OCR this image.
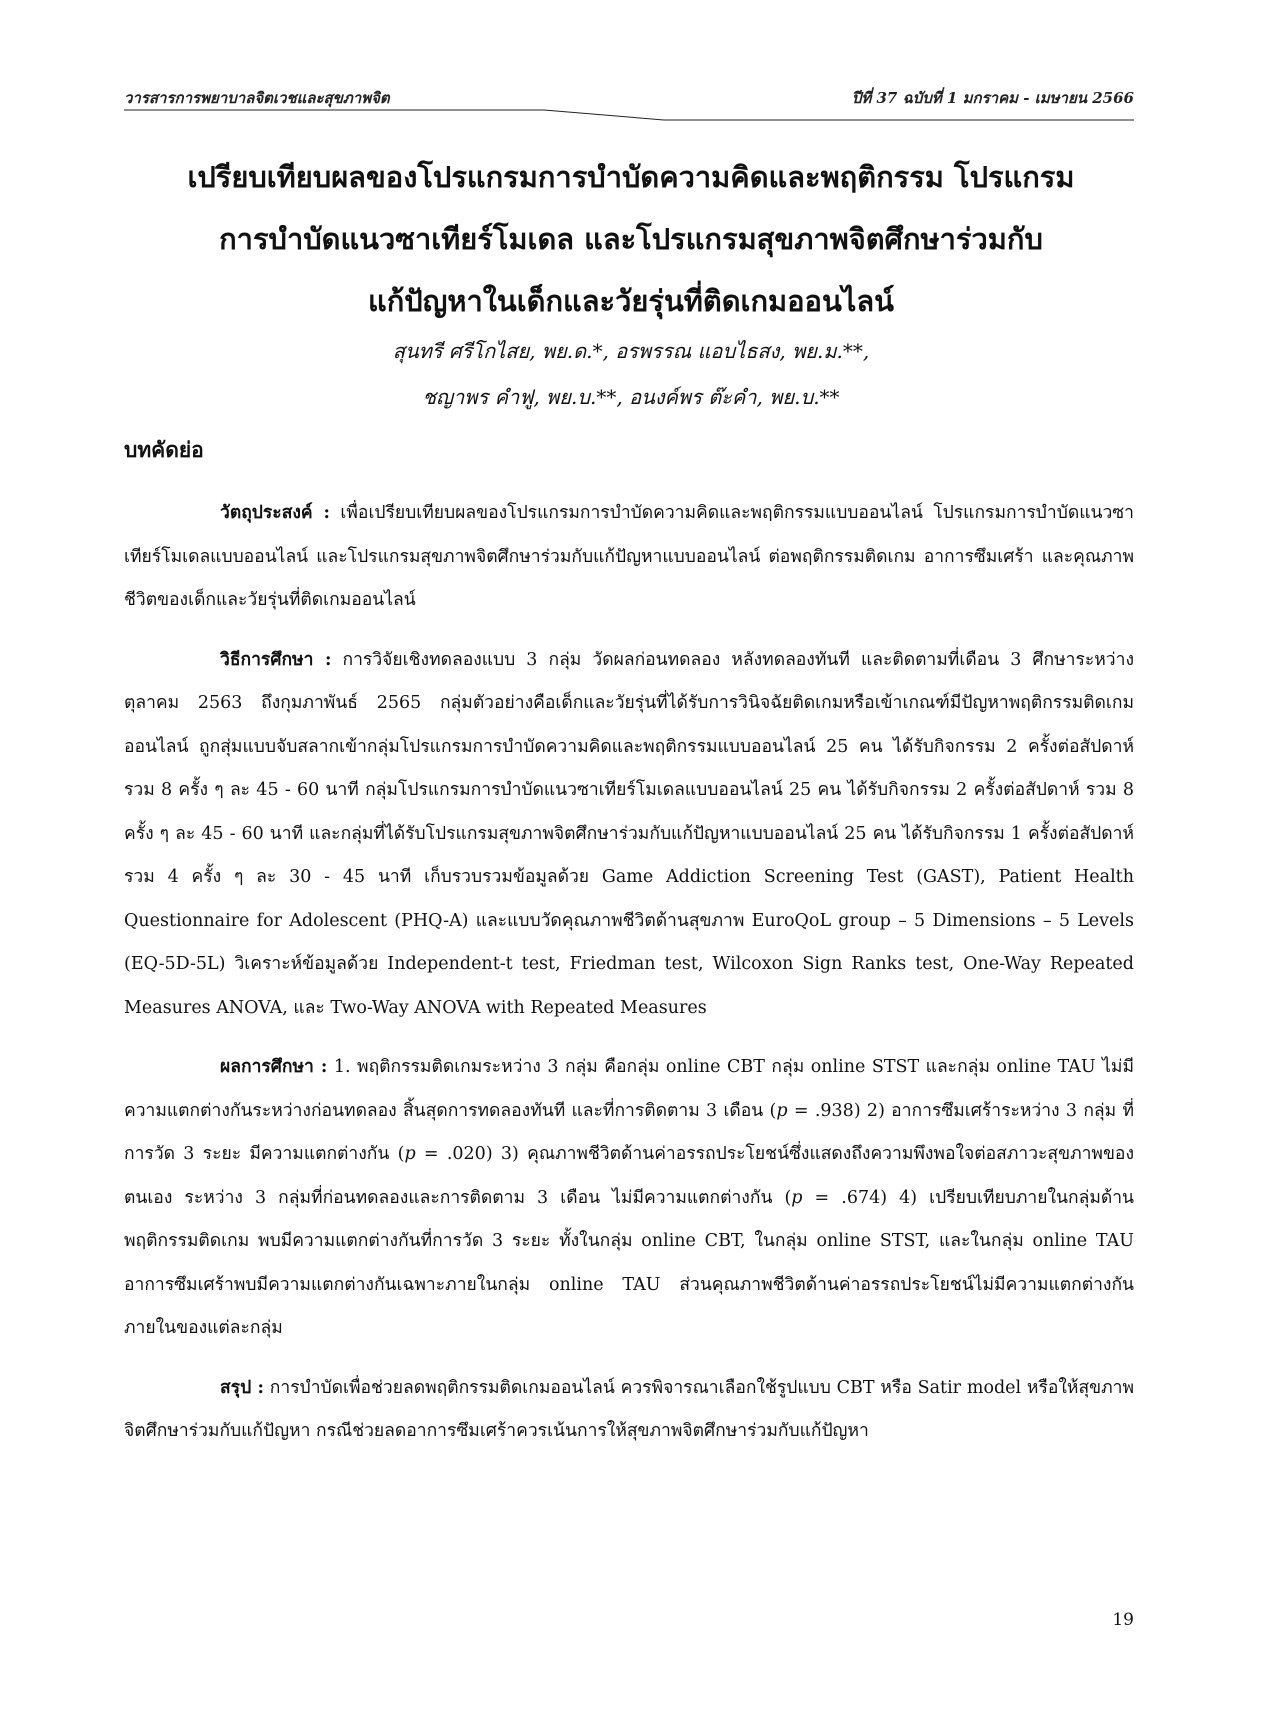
วารสารการพยาบาลจิตเวชและสุขภาพจิต	ปีที่ 37 ฉบับที่ 1 มกราคม - เมษายน 2566
เปรียบเทียบผลของโปรแกรมการบำบัดความคิดและพฤติกรรม โปรแกรม
การบำบัดแนวซาเทียร์โมเดล และโปรแกรมสุขภาพจิตศึกษาร่วมกับ
แก้ปัญหาในเด็กและวัยรุ่นที่ติดเกมออนไลน์
สุนทรี ศรีโกไสย, พย.ด.*, อรพรรณ แอบไธสง, พย.ม.**,
ชญาพร คำฟู, พย.บ.**, อนงค์พร ต๊ะคำ, พย.บ.**
บทคัดย่อ

วัตถุประสงค์ : เพื่อเปรียบเทียบผลของโปรแกรมการบำบัดความคิดและพฤติกรรมแบบออนไลน์ โปรแกรมการบำบัดแนวซาเทียร์โมเดลแบบออนไลน์ และโปรแกรมสุขภาพจิตศึกษาร่วมกับแก้ปัญหาแบบออนไลน์ ต่อพฤติกรรมติดเกม อาการซึมเศร้า และคุณภาพชีวิตของเด็กและวัยรุ่นที่ติดเกมออนไลน์

วิธีการศึกษา : การวิจัยเชิงทดลองแบบ 3 กลุ่ม วัดผลก่อนทดลอง หลังทดลองทันที และติดตามที่เดือน 3 ศึกษาระหว่างตุลาคม 2563 ถึงกุมภาพันธ์ 2565 กลุ่มตัวอย่างคือเด็กและวัยรุ่นที่ได้รับการวินิจฉัยติดเกมหรือเข้าเกณฑ์มีปัญหาพฤติกรรมติดเกมออนไลน์ ถูกสุ่มแบบจับสลากเข้ากลุ่มโปรแกรมการบำบัดความคิดและพฤติกรรมแบบออนไลน์ 25 คน ได้รับกิจกรรม 2 ครั้งต่อสัปดาห์ รวม 8 ครั้ง ๆ ละ 45 - 60 นาที กลุ่มโปรแกรมการบำบัดแนวซาเทียร์โมเดลแบบออนไลน์ 25 คน ได้รับกิจกรรม 2 ครั้งต่อสัปดาห์ รวม 8 ครั้ง ๆ ละ 45 - 60 นาที และกลุ่มที่ได้รับโปรแกรมสุขภาพจิตศึกษาร่วมกับแก้ปัญหาแบบออนไลน์ 25 คน ได้รับกิจกรรม 1 ครั้งต่อสัปดาห์ รวม 4 ครั้ง ๆ ละ 30 - 45 นาที เก็บรวบรวมข้อมูลด้วย Game Addiction Screening Test (GAST), Patient Health Questionnaire for Adolescent (PHQ-A) และแบบวัดคุณภาพชีวิตด้านสุขภาพ EuroQoL group – 5 Dimensions – 5 Levels (EQ-5D-5L) วิเคราะห์ข้อมูลด้วย Independent-t test, Friedman test, Wilcoxon Sign Ranks test, One-Way Repeated Measures ANOVA, และ Two-Way ANOVA with Repeated Measures

ผลการศึกษา : 1. พฤติกรรมติดเกมระหว่าง 3 กลุ่ม คือกลุ่ม online CBT กลุ่ม online STST และกลุ่ม online TAU ไม่มีความแตกต่างกันระหว่างก่อนทดลอง สิ้นสุดการทดลองทันที และที่การติดตาม 3 เดือน (p = .938) 2) อาการซึมเศร้าระหว่าง 3 กลุ่ม ที่การวัด 3 ระยะ มีความแตกต่างกัน (p = .020) 3) คุณภาพชีวิตด้านค่าอรรถประโยชน์ซึ่งแสดงถึงความพึงพอใจต่อสภาวะสุขภาพของตนเอง ระหว่าง 3 กลุ่มที่ก่อนทดลองและการติดตาม 3 เดือน ไม่มีความแตกต่างกัน (p = .674) 4) เปรียบเทียบภายในกลุ่มด้านพฤติกรรมติดเกม พบมีความแตกต่างกันที่การวัด 3 ระยะ ทั้งในกลุ่ม online CBT, ในกลุ่ม online STST, และในกลุ่ม online TAU อาการซึมเศร้าพบมีความแตกต่างกันเฉพาะภายในกลุ่ม online TAU ส่วนคุณภาพชีวิตด้านค่าอรรถประโยชน์ไม่มีความแตกต่างกันภายในของแต่ละกลุ่ม

สรุป : การบำบัดเพื่อช่วยลดพฤติกรรมติดเกมออนไลน์ ควรพิจารณาเลือกใช้รูปแบบ CBT หรือ Satir model หรือให้สุขภาพจิตศึกษาร่วมกับแก้ปัญหา กรณีช่วยลดอาการซึมเศร้าควรเน้นการให้สุขภาพจิตศึกษาร่วมกับแก้ปัญหา

19
